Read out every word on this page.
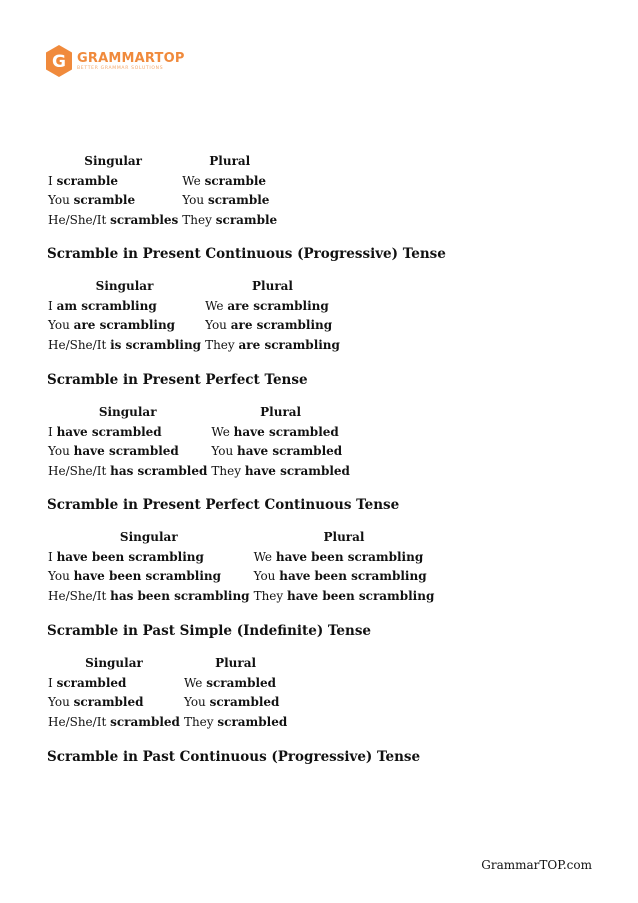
G GRAMMARTOP
BETTER GRAMMAR SOLUTIONS
Singular	Plural
I scramble	We scramble
You scramble	You scramble
He/She/It scrambles	They scramble
Scramble in Present Continuous (Progressive) Tense
Singular	Plural
I am scrambling	We are scrambling
You are scrambling	You are scrambling
He/She/It is scrambling	They are scrambling
Scramble in Present Perfect Tense
Singular	Plural
I have scrambled	We have scrambled
You have scrambled	You have scrambled
He/She/It has scrambled	They have scrambled
Scramble in Present Perfect Continuous Tense
Singular	Plural
I have been scrambling	We have been scrambling
You have been scrambling	You have been scrambling
He/She/It has been scrambling	They have been scrambling
Scramble in Past Simple (Indefinite) Tense
Singular	Plural
I scrambled	We scrambled
You scrambled	You scrambled
He/She/It scrambled	They scrambled
Scramble in Past Continuous (Progressive) Tense
GrammarTOP.com
